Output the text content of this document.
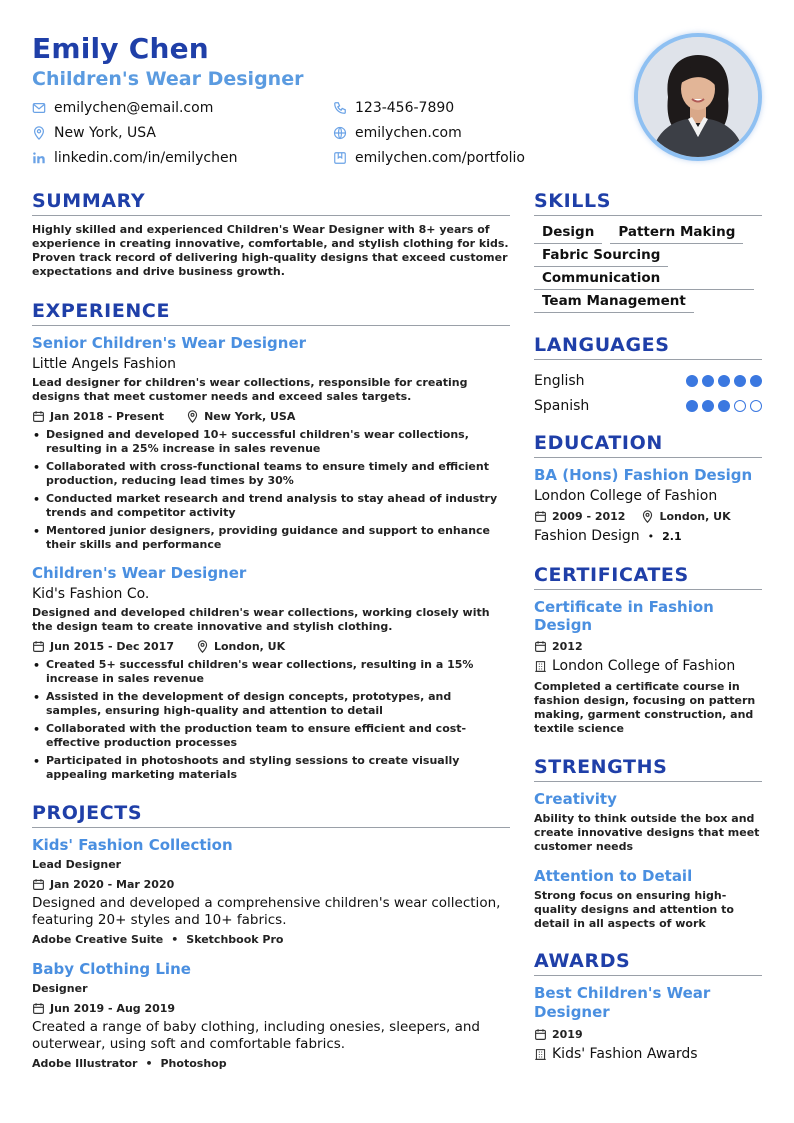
Emily Chen
Children's Wear Designer
emilychen@email.com	123-456-7890
New York, USA	emilychen.com
linkedin.com/in/emilychen	emilychen.com/portfolio
SUMMARY
Highly skilled and experienced Children's Wear Designer with 8+ years of experience in creating innovative, comfortable, and stylish clothing for kids. Proven track record of delivering high-quality designs that exceed customer expectations and drive business growth.
EXPERIENCE
Senior Children's Wear Designer
Little Angels Fashion
Lead designer for children's wear collections, responsible for creating designs that meet customer needs and exceed sales targets.
Jan 2018 - Present	New York, USA
• Designed and developed 10+ successful children's wear collections, resulting in a 25% increase in sales revenue
• Collaborated with cross-functional teams to ensure timely and efficient production, reducing lead times by 30%
• Conducted market research and trend analysis to stay ahead of industry trends and competitor activity
• Mentored junior designers, providing guidance and support to enhance their skills and performance
Children's Wear Designer
Kid's Fashion Co.
Designed and developed children's wear collections, working closely with the design team to create innovative and stylish clothing.
Jun 2015 - Dec 2017	London, UK
• Created 5+ successful children's wear collections, resulting in a 15% increase in sales revenue
• Assisted in the development of design concepts, prototypes, and samples, ensuring high-quality and attention to detail
• Collaborated with the production team to ensure efficient and cost-effective production processes
• Participated in photoshoots and styling sessions to create visually appealing marketing materials
PROJECTS
Kids' Fashion Collection
Lead Designer
Jan 2020 - Mar 2020
Designed and developed a comprehensive children's wear collection, featuring 20+ styles and 10+ fabrics.
Adobe Creative Suite • Sketchbook Pro
Baby Clothing Line
Designer
Jun 2019 - Aug 2019
Created a range of baby clothing, including onesies, sleepers, and outerwear, using soft and comfortable fabrics.
Adobe Illustrator • Photoshop
SKILLS
Design	Pattern Making
Fabric Sourcing
Communication
Team Management
LANGUAGES
English
Spanish
EDUCATION
BA (Hons) Fashion Design
London College of Fashion
2009 - 2012	London, UK
Fashion Design • 2.1
CERTIFICATES
Certificate in Fashion Design
2012
London College of Fashion
Completed a certificate course in fashion design, focusing on pattern making, garment construction, and textile science
STRENGTHS
Creativity
Ability to think outside the box and create innovative designs that meet customer needs
Attention to Detail
Strong focus on ensuring high-quality designs and attention to detail in all aspects of work
AWARDS
Best Children's Wear Designer
2019
Kids' Fashion Awards
